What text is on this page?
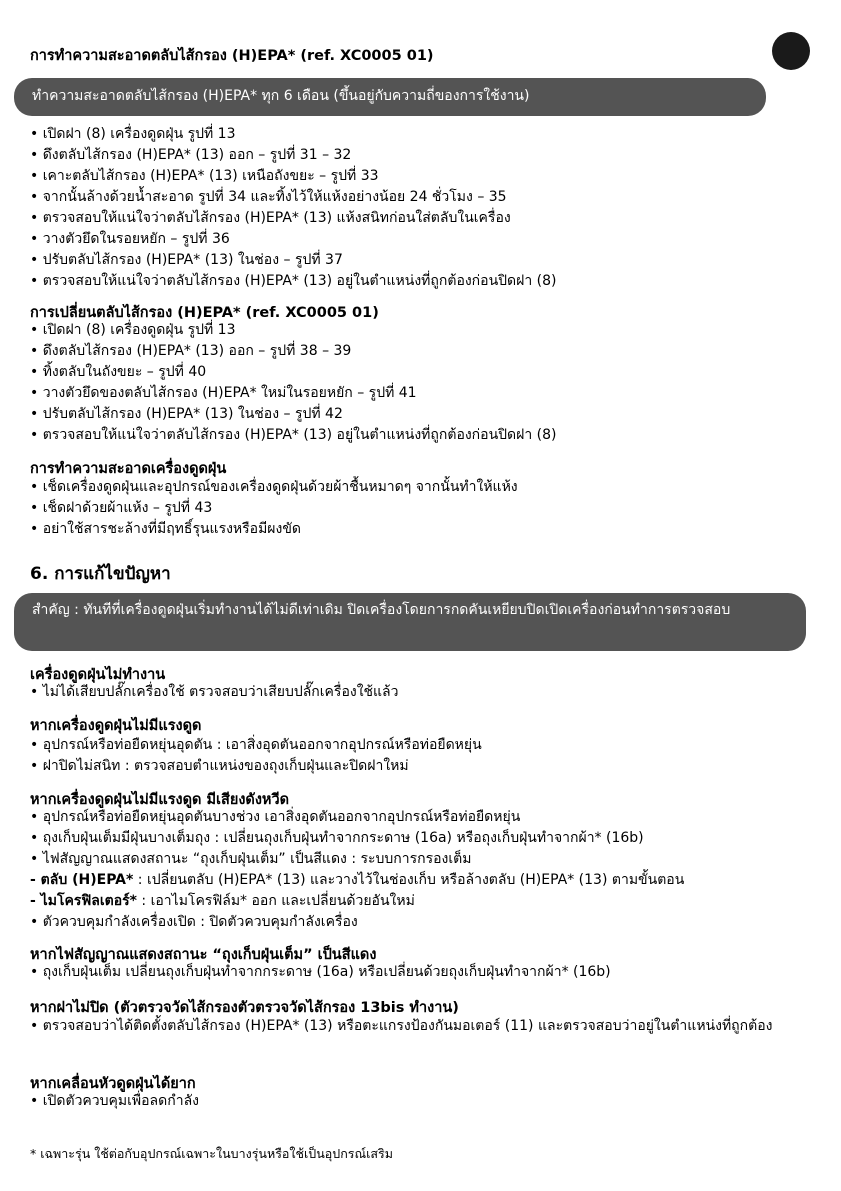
การทำความสะอาดตลับไส้กรอง (H)EPA* (ref. XC0005 01)
ทำความสะอาดตลับไส้กรอง (H)EPA* ทุก 6 เดือน (ขึ้นอยู่กับความถี่ของการใช้งาน)
• เปิดฝา (8) เครื่องดูดฝุ่น รูปที่ 13
• ดึงตลับไส้กรอง (H)EPA* (13) ออก – รูปที่ 31 – 32
• เคาะตลับไส้กรอง (H)EPA* (13) เหนือถังขยะ – รูปที่ 33
• จากนั้นล้างด้วยน้ำสะอาด รูปที่ 34 และทิ้งไว้ให้แห้งอย่างน้อย 24 ชั่วโมง – 35
• ตรวจสอบให้แน่ใจว่าตลับไส้กรอง (H)EPA* (13) แห้งสนิทก่อนใส่ตลับในเครื่อง
• วางตัวยึดในรอยหยัก – รูปที่ 36
• ปรับตลับไส้กรอง (H)EPA* (13) ในช่อง – รูปที่ 37
• ตรวจสอบให้แน่ใจว่าตลับไส้กรอง (H)EPA* (13) อยู่ในตำแหน่งที่ถูกต้องก่อนปิดฝา (8)
การเปลี่ยนตลับไส้กรอง (H)EPA* (ref. XC0005 01)
• เปิดฝา (8) เครื่องดูดฝุ่น รูปที่ 13
• ดึงตลับไส้กรอง (H)EPA* (13) ออก – รูปที่ 38 – 39
• ทิ้งตลับในถังขยะ – รูปที่ 40
• วางตัวยึดของตลับไส้กรอง (H)EPA* ใหม่ในรอยหยัก – รูปที่ 41
• ปรับตลับไส้กรอง (H)EPA* (13) ในช่อง – รูปที่ 42
• ตรวจสอบให้แน่ใจว่าตลับไส้กรอง (H)EPA* (13) อยู่ในตำแหน่งที่ถูกต้องก่อนปิดฝา (8)
การทำความสะอาดเครื่องดูดฝุ่น
• เช็ดเครื่องดูดฝุ่นและอุปกรณ์ของเครื่องดูดฝุ่นด้วยผ้าชื้นหมาดๆ จากนั้นทำให้แห้ง
• เช็ดฝาด้วยผ้าแห้ง – รูปที่ 43
• อย่าใช้สารชะล้างที่มีฤทธิ์รุนแรงหรือมีผงขัด
6. การแก้ไขปัญหา
สำคัญ : ทันทีที่เครื่องดูดฝุ่นเริ่มทำงานได้ไม่ดีเท่าเดิม ปิดเครื่องโดยการกดคันเหยียบปิดเปิดเครื่องก่อนทำการตรวจสอบ
เครื่องดูดฝุ่นไม่ทำงาน
• ไม่ได้เสียบปลั๊กเครื่องใช้ ตรวจสอบว่าเสียบปลั๊กเครื่องใช้แล้ว
หากเครื่องดูดฝุ่นไม่มีแรงดูด
• อุปกรณ์หรือท่อยืดหยุ่นอุดตัน : เอาสิ่งอุดตันออกจากอุปกรณ์หรือท่อยืดหยุ่น
• ฝาปิดไม่สนิท : ตรวจสอบตำแหน่งของถุงเก็บฝุ่นและปิดฝาใหม่
หากเครื่องดูดฝุ่นไม่มีแรงดูด มีเสียงดังหวีด
• อุปกรณ์หรือท่อยืดหยุ่นอุดตันบางช่วง เอาสิ่งอุดตันออกจากอุปกรณ์หรือท่อยืดหยุ่น
• ถุงเก็บฝุ่นเต็มมีฝุ่นบางเต็มถุง : เปลี่ยนถุงเก็บฝุ่นทำจากกระดาษ (16a) หรือถุงเก็บฝุ่นทำจากผ้า* (16b)
• ไฟสัญญาณแสดงสถานะ “ถุงเก็บฝุ่นเต็ม” เป็นสีแดง : ระบบการกรองเต็ม
- ตลับ (H)EPA* : เปลี่ยนตลับ (H)EPA* (13) และวางไว้ในช่องเก็บ หรือล้างตลับ (H)EPA* (13) ตามขั้นตอน
- ไมโครฟิลเตอร์* : เอาไมโครฟิล์ม* ออก และเปลี่ยนด้วยอันใหม่
• ตัวควบคุมกำลังเครื่องเปิด : ปิดตัวควบคุมกำลังเครื่อง
หากไฟสัญญาณแสดงสถานะ “ถุงเก็บฝุ่นเต็ม” เป็นสีแดง
• ถุงเก็บฝุ่นเต็ม เปลี่ยนถุงเก็บฝุ่นทำจากกระดาษ (16a) หรือเปลี่ยนด้วยถุงเก็บฝุ่นทำจากผ้า* (16b)
หากฝาไม่ปิด (ตัวตรวจวัดไส้กรองตัวตรวจวัดไส้กรอง 13bis ทำงาน)
• ตรวจสอบว่าได้ติดตั้งตลับไส้กรอง (H)EPA* (13) หรือตะแกรงป้องกันมอเตอร์ (11) และตรวจสอบว่าอยู่ในตำแหน่งที่ถูกต้อง
หากเคลื่อนหัวดูดฝุ่นได้ยาก
• เปิดตัวควบคุมเพื่อลดกำลัง
* เฉพาะรุ่น ใช้ต่อกับอุปกรณ์เฉพาะในบางรุ่นหรือใช้เป็นอุปกรณ์เสริม
